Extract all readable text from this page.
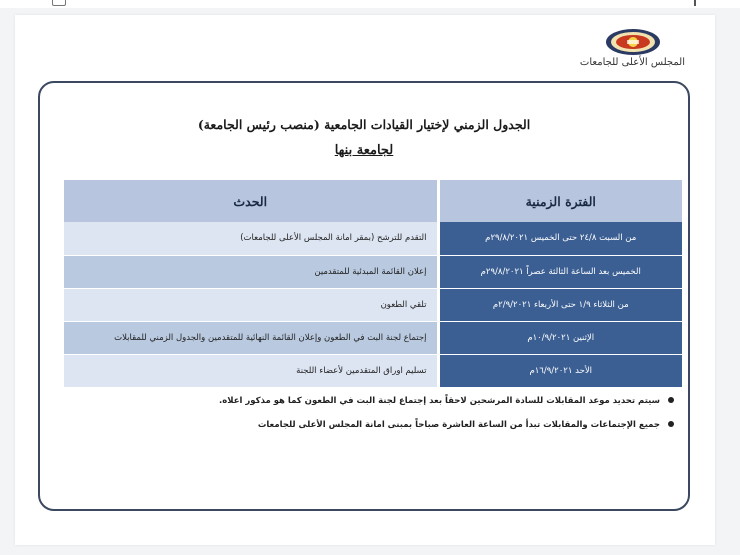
المجلس الأعلى للجامعات
الجدول الزمني لإختيار القيادات الجامعية (منصب رئيس الجامعة)
لجامعة بنها
الفترة الزمنية	الحدث
من السبت ٢٤/٨ حتى الخميس ٢٩/٨/٢٠٢١م	التقدم للترشح (بمقر امانة المجلس الأعلى للجامعات)
الخميس بعد الساعة الثالثة عصراً ٢٩/٨/٢٠٢١م	إعلان القائمة المبدئية للمتقدمين
من الثلاثاء ١/٩ حتى الأربعاء ٢/٩/٢٠٢١م	تلقي الطعون
الإثنين ١٠/٩/٢٠٢١م	إجتماع لجنة البت في الطعون وإعلان القائمة النهائية للمتقدمين والجدول الزمني للمقابلات
الأحد ١٦/٩/٢٠٢١م	تسليم اوراق المتقدمين لأعضاء اللجنة
سيتم تحديد موعد المقابلات للسادة المرشحين لاحقاً بعد إجتماع لجنة البت في الطعون كما هو مذكور اعلاه.
جميع الإجتماعات والمقابلات تبدأ من الساعة العاشرة صباحاً بمبنى امانة المجلس الأعلى للجامعات
